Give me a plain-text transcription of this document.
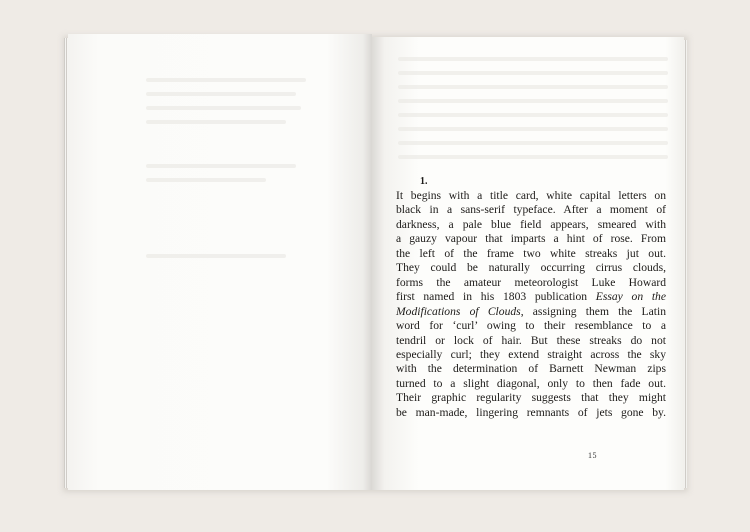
1.
It begins with a title card, white capital letters on
black in a sans-serif typeface. After a moment of
darkness, a pale blue field appears, smeared with
a gauzy vapour that imparts a hint of rose. From
the left of the frame two white streaks jut out.
They could be naturally occurring cirrus clouds,
forms the amateur meteorologist Luke Howard
first named in his 1803 publication Essay on the
Modifications of Clouds, assigning them the Latin
word for ‘curl’ owing to their resemblance to a
tendril or lock of hair. But these streaks do not
especially curl; they extend straight across the sky
with the determination of Barnett Newman zips
turned to a slight diagonal, only to then fade out.
Their graphic regularity suggests that they might
be man-made, lingering remnants of jets gone by.
15
